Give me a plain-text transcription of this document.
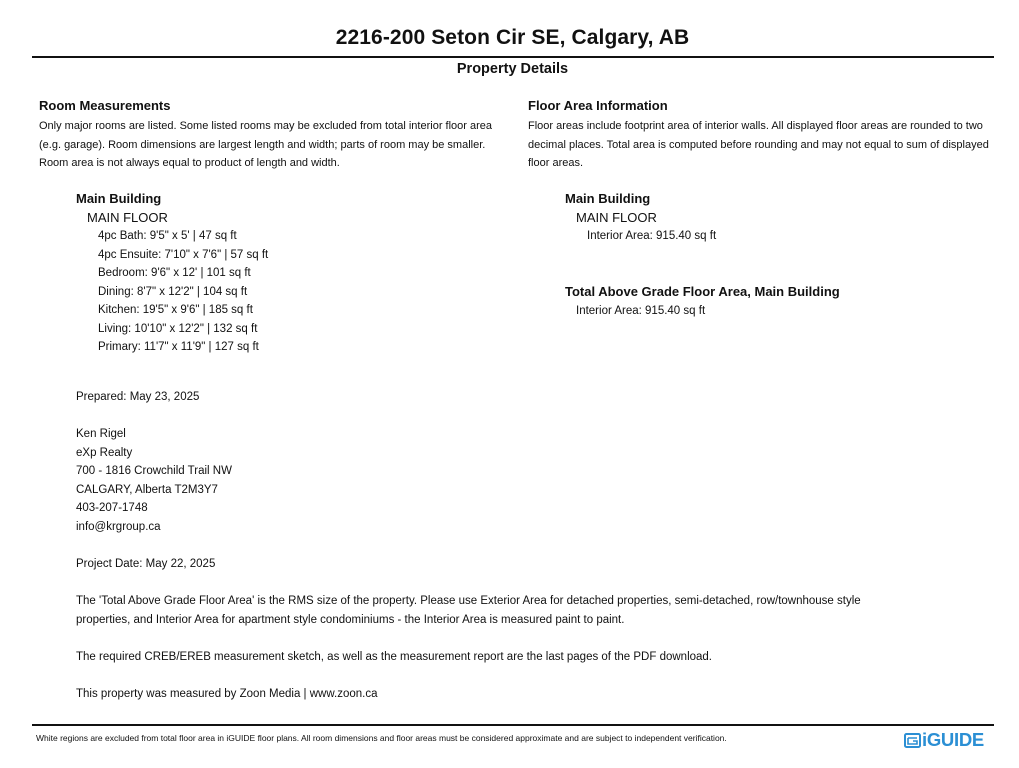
2216-200 Seton Cir SE, Calgary, AB
Property Details
Room Measurements
Only major rooms are listed. Some listed rooms may be excluded from total interior floor area
(e.g. garage). Room dimensions are largest length and width; parts of room may be smaller.
Room area is not always equal to product of length and width.
Floor Area Information
Floor areas include footprint area of interior walls. All displayed floor areas are rounded to two
decimal places. Total area is computed before rounding and may not equal to sum of displayed
floor areas.
Main Building
MAIN FLOOR
4pc Bath: 9'5" x 5' | 47 sq ft
4pc Ensuite: 7'10" x 7'6" | 57 sq ft
Bedroom: 9'6" x 12' | 101 sq ft
Dining: 8'7" x 12'2" | 104 sq ft
Kitchen: 19'5" x 9'6" | 185 sq ft
Living: 10'10" x 12'2" | 132 sq ft
Primary: 11'7" x 11'9" | 127 sq ft
Main Building
MAIN FLOOR
Interior Area: 915.40 sq ft
Total Above Grade Floor Area, Main Building
Interior Area: 915.40 sq ft
Prepared: May 23, 2025
Ken Rigel
eXp Realty
700 - 1816 Crowchild Trail NW
CALGARY, Alberta T2M3Y7
403-207-1748
info@krgroup.ca
Project Date: May 22, 2025
The 'Total Above Grade Floor Area' is the RMS size of the property. Please use Exterior Area for detached properties, semi-detached, row/townhouse style
properties, and Interior Area for apartment style condominiums - the Interior Area is measured paint to paint.
The required CREB/EREB measurement sketch, as well as the measurement report are the last pages of the PDF download.
This property was measured by Zoon Media | www.zoon.ca
White regions are excluded from total floor area in iGUIDE floor plans. All room dimensions and floor areas must be considered approximate and are subject to independent verification.	iGUIDE
